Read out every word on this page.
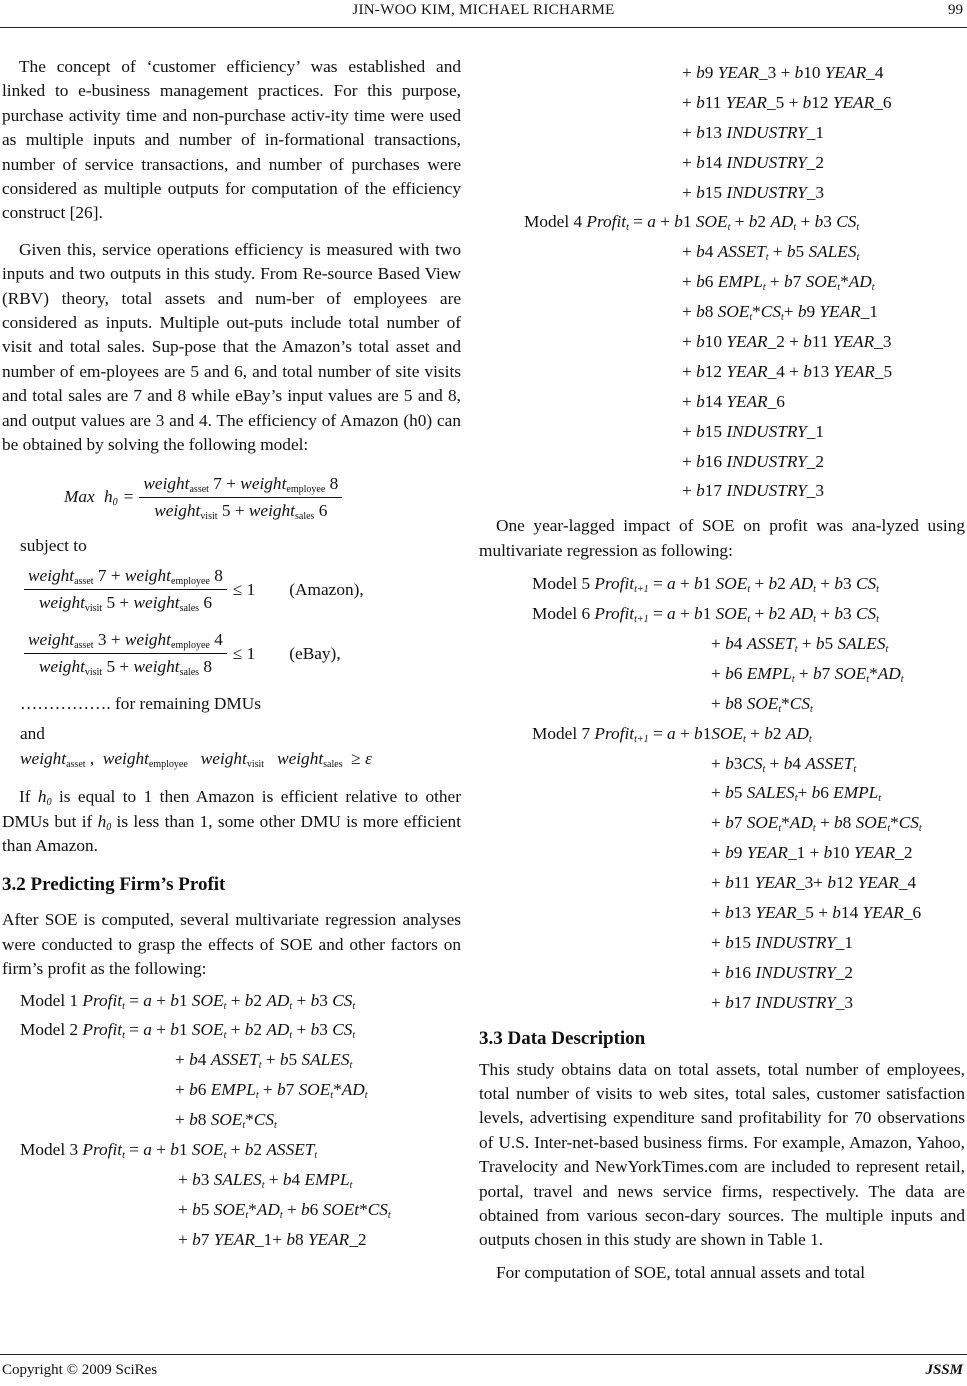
JIN-WOO KIM, MICHAEL RICHARME	99

The concept of ‘customer efficiency’ was established and linked to e-business management practices. For this purpose, purchase activity time and non-purchase activ-ity time were used as multiple inputs and number of in-formational transactions, number of service transactions, and number of purchases were considered as multiple outputs for computation of the efficiency construct [26].

Given this, service operations efficiency is measured with two inputs and two outputs in this study. From Re-source Based View (RBV) theory, total assets and num-ber of employees are considered as inputs. Multiple out-puts include total number of visit and total sales. Sup-pose that the Amazon’s total asset and number of em-ployees are 5 and 6, and total number of site visits and total sales are 7 and 8 while eBay’s input values are 5 and 8, and output values are 3 and 4. The efficiency of Amazon (h0) can be obtained by solving the following model:

Max $h_0 = \frac{weight_{asset} 7 + weight_{employee} 8}{weight_{visit} 5 + weight_{sales} 6}$
subject to
$\frac{weight_{asset} 7 + weight_{employee} 8}{weight_{visit} 5 + weight_{sales} 6} \le 1$ (Amazon),
$\frac{weight_{asset} 3 + weight_{employee} 4}{weight_{visit} 5 + weight_{sales} 8} \le 1$ (eBay),
……………. for remaining DMUs
and
weight$_{asset}$ ,  weight$_{employee}$ weight$_{visit}$ weight$_{sales}$  ≥ ε

If $h_0$ is equal to 1 then Amazon is efficient relative to other DMUs but if $h_0$ is less than 1, some other DMU is more efficient than Amazon.

3.2 Predicting Firm’s Profit

After SOE is computed, several multivariate regression analyses were conducted to grasp the effects of SOE and other factors on firm’s profit as the following:

Model 1 Profit$_t$ = a + b1 $SOE_t + b2$ $AD_t + b3$ $CS_t$
Model 2 Profit$_t$ = a + b1 $SOE_t + b2$ $AD_t + b3$ $CS_t$
+ b4 $ASSET_t + b5$ $SALES_t$
+ b6 $EMPL_t + b7$ $SOE_t*AD_t$
+ b8 $SOE_t*CS_t$
Model 3 Profit$_t$ = a + b1 $SOE_t + b2$ $ASSET_t$
+ b3 $SALES_t + b4$ $EMPL_t$
+ b5 $SOE_t*AD_t + b6$ $SOEt*CS_t$
+ b7 YEAR_1+ b8 YEAR_2
+ b9 YEAR_3 + b10 YEAR_4
+ b11 YEAR_5 + b12 YEAR_6
+ b13 INDUSTRY_1
+ b14 INDUSTRY_2
+ b15 INDUSTRY_3
Model 4 Profit$_t$ = a + b1 $SOE_t + b2$ $AD_t + b3$ $CS_t$
+ b4 $ASSET_t + b5$ $SALES_t$
+ b6 $EMPL_t + b7$ $SOE_t*AD_t$
+ b8 $SOE_t*CS_t+ b9$ YEAR_1
+ b10 YEAR_2 + b11 YEAR_3
+ b12 YEAR_4 + b13 YEAR_5
+ b14 YEAR_6
+ b15 INDUSTRY_1
+ b16 INDUSTRY_2
+ b17 INDUSTRY_3

One year-lagged impact of SOE on profit was ana-lyzed using multivariate regression as following:

Model 5 Profit$_{t+1}$ = a + b1 $SOE_t + b2$ $AD_t + b3$ $CS_t$
Model 6 Profit$_{t+1}$ = a + b1 $SOE_t + b2$ $AD_t + b3$ $CS_t$
+ b4 $ASSET_t + b5$ $SALES_t$
+ b6 $EMPL_t + b7$ $SOE_t*AD_t$
+ b8 $SOE_t*CS_t$
Model 7 Profit$_{t+1}$ = $a + b1SOE_t + b2$ $AD_t$
+ $b3CS_t + b4$ $ASSET_t$
+ b5 $SALES_t+ b6$ $EMPL_t$
+ b7 $SOE_t*AD_t + b8$ $SOE_t*CS_t$
+ b9 YEAR_1 + b10 YEAR_2
+ b11 YEAR_3+ b12 YEAR_4
+ b13 YEAR_5 + b14 YEAR_6
+ b15 INDUSTRY_1
+ b16 INDUSTRY_2
+ b17 INDUSTRY_3
3.3 Data Description

This study obtains data on total assets, total number of employees, total number of visits to web sites, total sales, customer satisfaction levels, advertising expenditure sand profitability for 70 observations of U.S. Inter-net-based business firms. For example, Amazon, Yahoo, Travelocity and NewYorkTimes.com are included to represent retail, portal, travel and news service firms, respectively. The data are obtained from various secon-dary sources. The multiple inputs and outputs chosen in this study are shown in Table 1.

For computation of SOE, total annual assets and total

Copyright © 2009 SciRes	JSSM
